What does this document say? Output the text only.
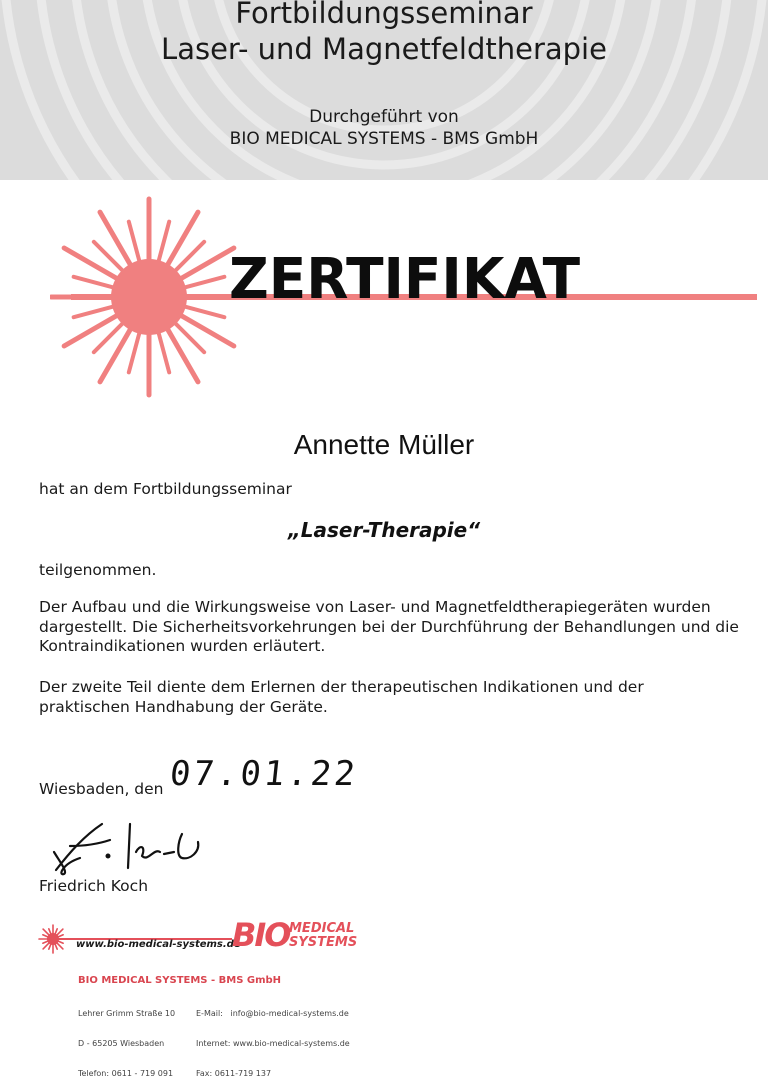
Fortbildungsseminar
Laser- und Magnetfeldtherapie
Durchgeführt von
BIO MEDICAL SYSTEMS - BMS GmbH
ZERTIFIKAT
Annette Müller
hat an dem Fortbildungsseminar
„Laser-Therapie“
teilgenommen.
Der Aufbau und die Wirkungsweise von Laser- und Magnetfeldtherapiegeräten wurden dargestellt. Die Sicherheitsvorkehrungen bei der Durchführung der Behandlungen und die Kontraindikationen wurden erläutert.
Der zweite Teil diente dem Erlernen der therapeutischen Indikationen und der praktischen Handhabung der Geräte.
Wiesbaden, den 07.01.22
Friedrich Koch
www.bio-medical-systems.de
BIO MEDICAL
SYSTEMS
BIO MEDICAL SYSTEMS - BMS GmbH

Lehrer Grimm Straße 10

D - 65205 Wiesbaden

Telefon: 0611 - 719 091

E-Mail:   info@bio-medical-systems.de

Internet: www.bio-medical-systems.de

Fax: 0611-719 137
